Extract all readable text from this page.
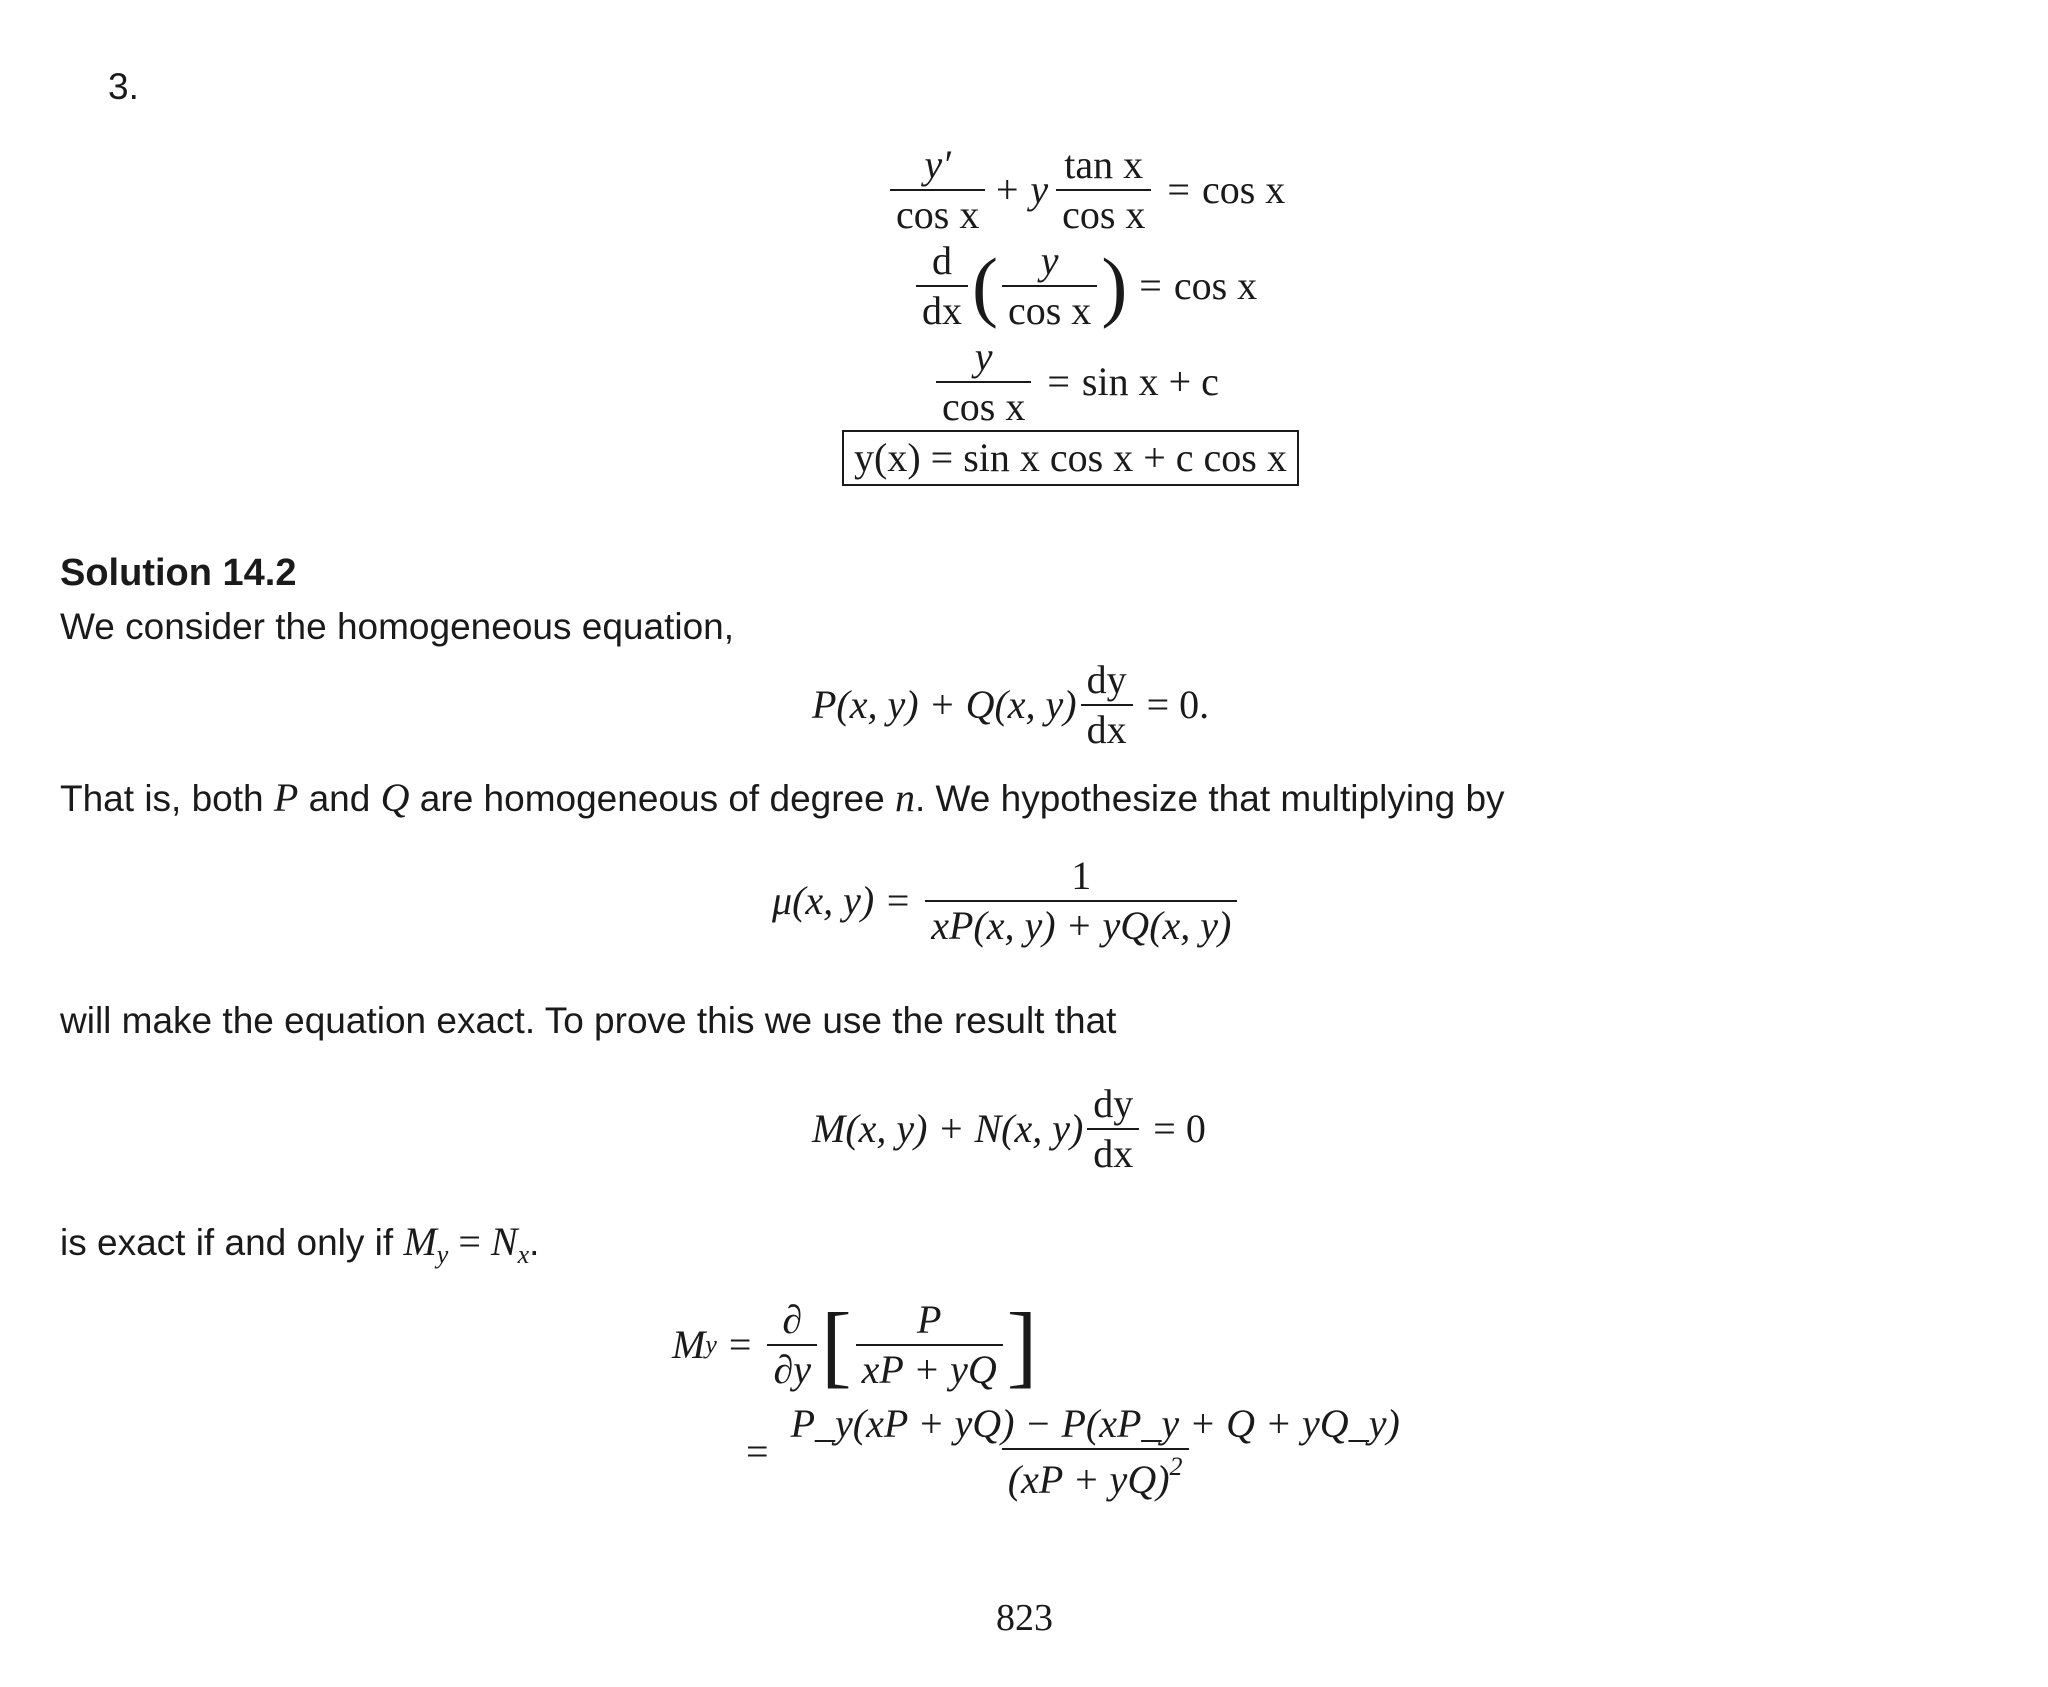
3.
$\frac{y'}{\text{cos x}} + y \frac{\text{tan x}}{\text{cos x}} = \cos x$
$\frac{d}{dx}$ ( $\frac{y}{\text{cos x}}$ ) = cos x
$\frac{y}{\text{cos x}} = \sin x + c$
y(x) = sin x cos x + c cos x
Solution 14.2
We consider the homogeneous equation,
P(x, y) + Q(x, $y) \frac{dy}{dx} = 0$.
That is, both P and Q are homogeneous of degree n. We hypothesize that multiplying by
μ(x, $y) = \frac{1}{xP(x, y) + yQ(x, y)}$
will make the equation exact. To prove this we use the result that
M(x, y) + N(x, $y) \frac{dy}{dx} = 0$
is exact if and only if $M_y = N_x$.
M $y = \frac{\partial}{\partial y}$ [ $\frac{P}{xP + yQ}$ ]
= $\frac{P\_y(xP + yQ) - P(xP\_y + Q + yQ\_y)}{(xP + yQ)^2}$
823
